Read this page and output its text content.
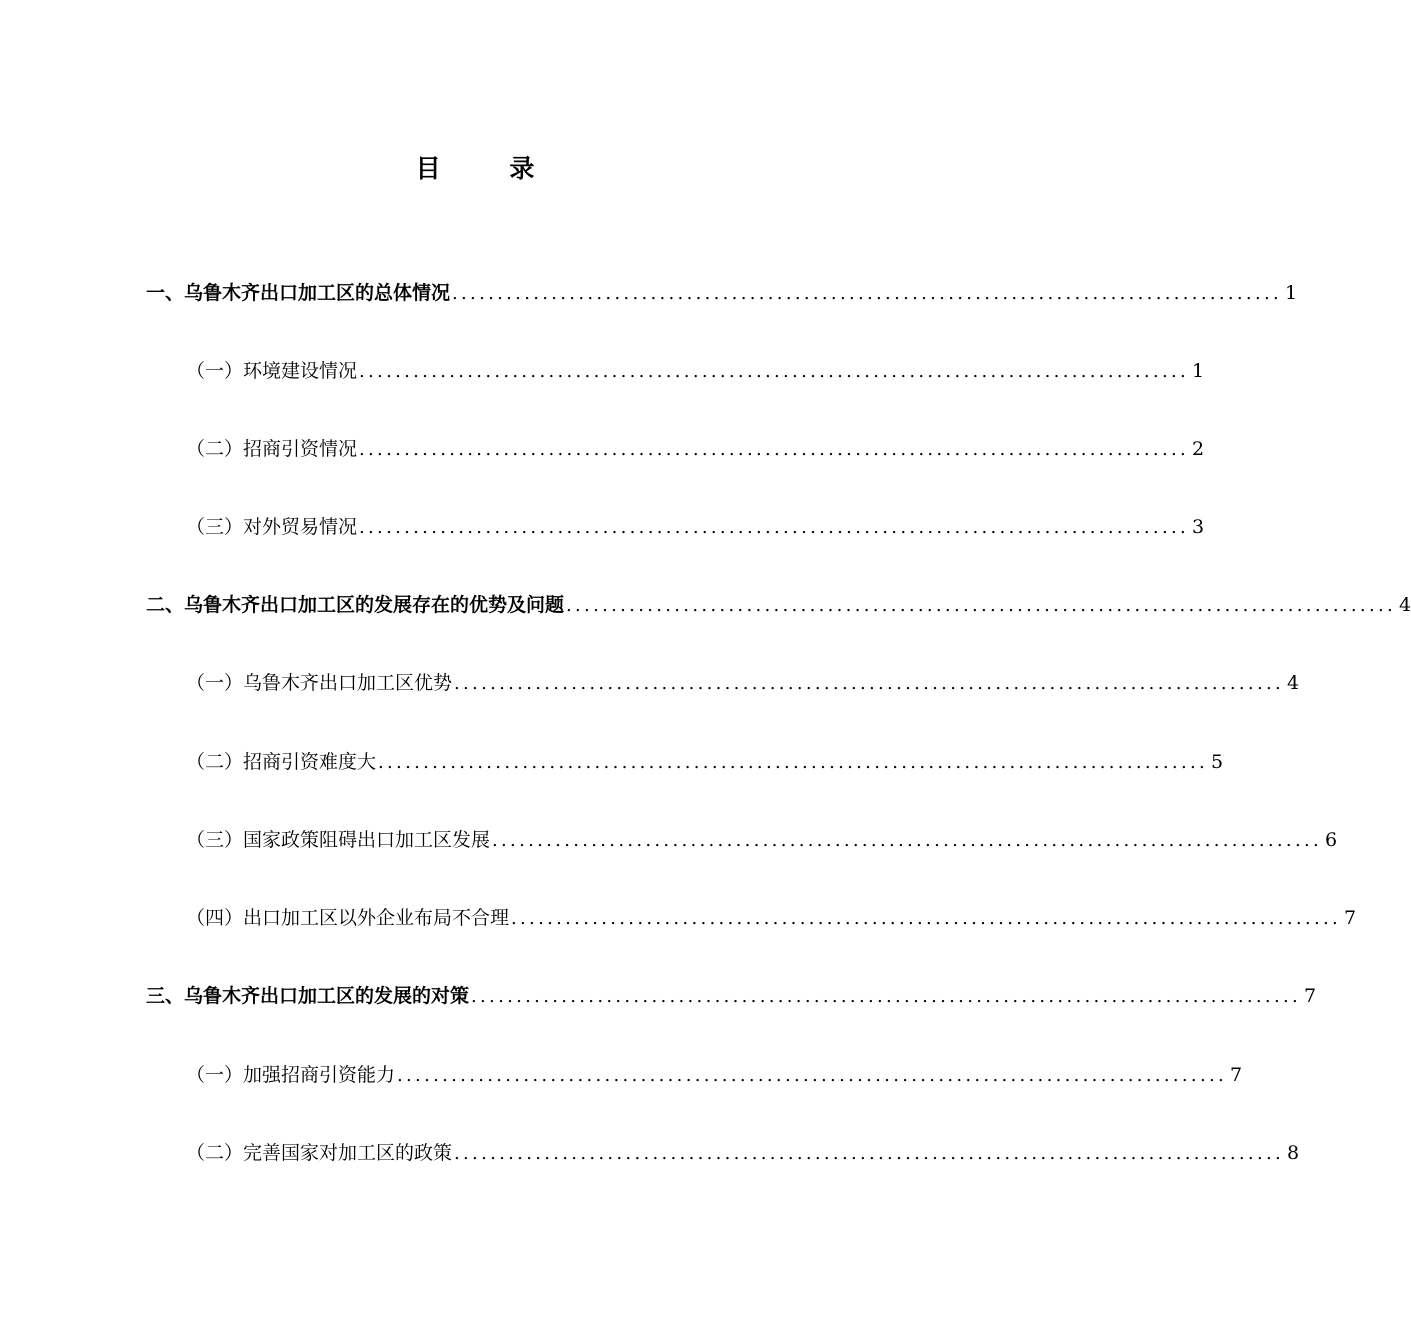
目 录
一、乌鲁木齐出口加工区的总体情况 ............................................................................................ 1
（一）环境建设情况 ............................................................................................ 1
（二）招商引资情况 ............................................................................................ 2
（三）对外贸易情况 ............................................................................................ 3
二、乌鲁木齐出口加工区的发展存在的优势及问题 ............................................................................................ 4
（一）乌鲁木齐出口加工区优势 ............................................................................................ 4
（二）招商引资难度大 ............................................................................................ 5
（三）国家政策阻碍出口加工区发展 ............................................................................................ 6
（四）出口加工区以外企业布局不合理 ............................................................................................ 7
三、乌鲁木齐出口加工区的发展的对策 ............................................................................................ 7
（一）加强招商引资能力 ............................................................................................ 7
（二）完善国家对加工区的政策 ............................................................................................ 8
